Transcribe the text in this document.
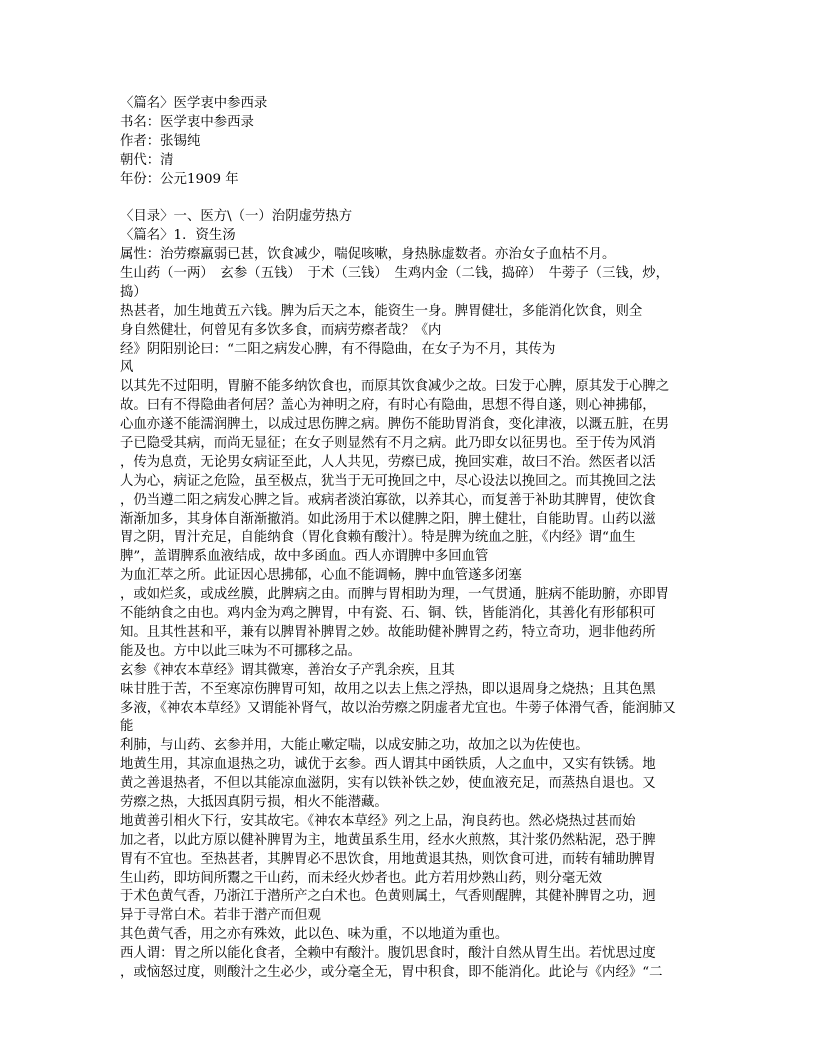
〈篇名〉医学衷中参西录
书名：医学衷中参西录
作者：张锡纯
朝代：清
年份：公元1909 年
〈目录〉一、医方\（一）治阴虚劳热方
〈篇名〉1．资生汤
属性：治劳瘵羸弱已甚，饮食减少，喘促咳嗽，身热脉虚数者。亦治女子血枯不月。
生山药（一两）　玄参（五钱）　于术（三钱）　生鸡内金（二钱，捣碎）　牛蒡子（三钱，炒，
捣）
热甚者，加生地黄五六钱。脾为后天之本，能资生一身。脾胃健壮，多能消化饮食，则全
身自然健壮，何曾见有多饮多食，而病劳瘵者哉？《内
经》阴阳别论曰：“二阳之病发心脾，有不得隐曲，在女子为不月，其传为
风
以其先不过阳明，胃腑不能多纳饮食也，而原其饮食减少之故。曰发于心脾，原其发于心脾之
故。曰有不得隐曲者何居？盖心为神明之府，有时心有隐曲，思想不得自遂，则心神拂郁，
心血亦遂不能濡润脾土，以成过思伤脾之病。脾伤不能助胃消食，变化津液，以溉五脏，在男
子已隐受其病，而尚无显征；在女子则显然有不月之病。此乃即女以征男也。至于传为风消
，传为息贲，无论男女病证至此，人人共见，劳瘵已成，挽回实难，故曰不治。然医者以活
人为心，病证之危险，虽至极点，犹当于无可挽回之中，尽心设法以挽回之。而其挽回之法
，仍当遵二阳之病发心脾之旨。戒病者淡泊寡欲，以养其心，而复善于补助其脾胃，使饮食
渐渐加多，其身体自渐渐撤消。如此汤用于术以健脾之阳，脾土健壮，自能助胃。山药以滋
胃之阴，胃汁充足，自能纳食（胃化食赖有酸汁）。特是脾为统血之脏，《内经》谓“血生
脾”，盖谓脾系血液结成，故中多函血。西人亦谓脾中多回血管
为血汇萃之所。此证因心思拂郁，心血不能调畅，脾中血管遂多闭塞
，或如烂炙，或成丝膜，此脾病之由。而脾与胃相助为理，一气贯通，脏病不能助腑，亦即胃
不能纳食之由也。鸡内金为鸡之脾胃，中有瓷、石、铜、铁，皆能消化，其善化有形郁积可
知。且其性甚和平，兼有以脾胃补脾胃之妙。故能助健补脾胃之药，特立奇功，迥非他药所
能及也。方中以此三味为不可挪移之品。
玄参《神农本草经》谓其微寒，善治女子产乳余疾，且其
味甘胜于苦，不至寒凉伤脾胃可知，故用之以去上焦之浮热，即以退周身之烧热；且其色黑
多液，《神农本草经》又谓能补肾气，故以治劳瘵之阴虚者尤宜也。牛蒡子体滑气香，能润肺又
能
利肺，与山药、玄参并用，大能止嗽定喘，以成安肺之功，故加之以为佐使也。
地黄生用，其凉血退热之功，诚优于玄参。西人谓其中函铁质，人之血中，又实有铁锈。地
黄之善退热者，不但以其能凉血滋阴，实有以铁补铁之妙，使血液充足，而蒸热自退也。又
劳瘵之热，大抵因真阴亏损，相火不能潜藏。
地黄善引相火下行，安其故宅。《神农本草经》列之上品，洵良药也。然必烧热过甚而始
加之者，以此方原以健补脾胃为主，地黄虽系生用，经水火煎熬，其汁浆仍然粘泥，恐于脾
胃有不宜也。至热甚者，其脾胃必不思饮食，用地黄退其热，则饮食可进，而转有辅助脾胃
生山药，即坊间所鬻之干山药，而未经火炒者也。此方若用炒熟山药，则分毫无效
于术色黄气香，乃浙江于潜所产之白术也。色黄则属土，气香则醒脾，其健补脾胃之功，迥
异于寻常白术。若非于潜产而但观
其色黄气香，用之亦有殊效，此以色、味为重，不以地道为重也。
西人谓：胃之所以能化食者，全赖中有酸汁。腹饥思食时，酸汁自然从胃生出。若忧思过度
，或恼怒过度，则酸汁之生必少，或分毫全无，胃中积食，即不能消化。此论与《内经》“二
